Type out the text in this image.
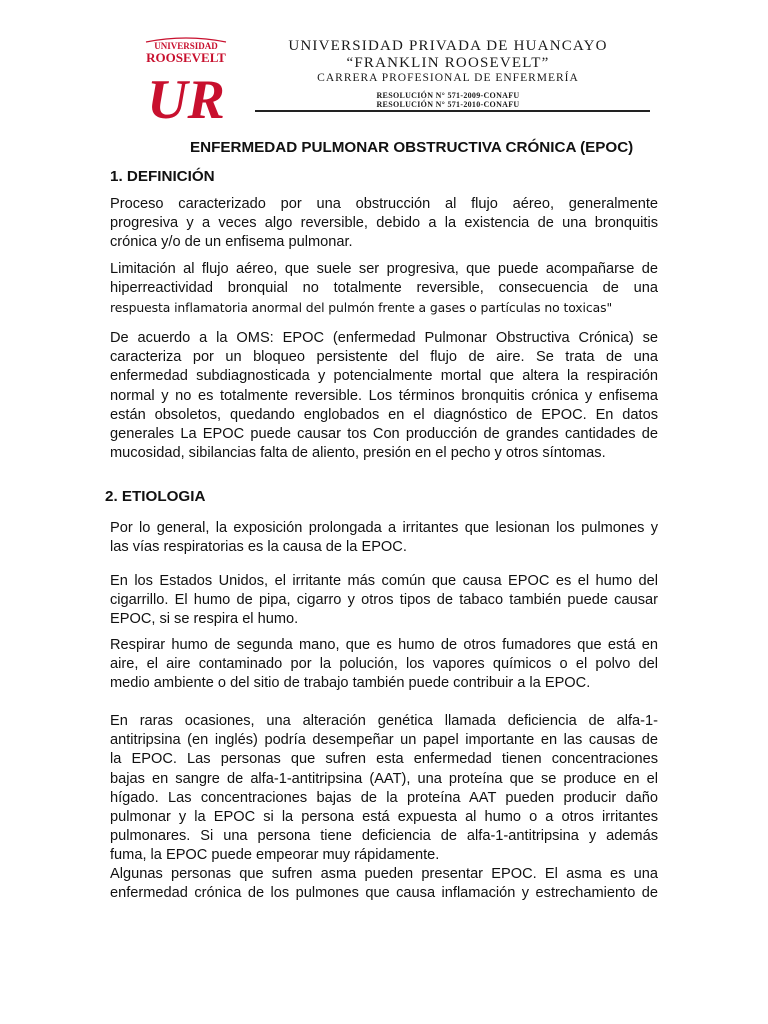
UNIVERSIDAD
ROOSEVELT
UR
UNIVERSIDAD PRIVADA DE HUANCAYO
“FRANKLIN ROOSEVELT”
CARRERA PROFESIONAL DE ENFERMERÍA
RESOLUCIÓN N° 571-2009-CONAFU
RESOLUCIÓN N° 571-2010-CONAFU
ENFERMEDAD PULMONAR OBSTRUCTIVA CRÓNICA (EPOC)
1. DEFINICIÓN
Proceso caracterizado por una obstrucción al flujo aéreo, generalmente
progresiva y a veces algo reversible, debido a la existencia de una bronquitis
crónica y/o de un enfisema pulmonar.
Limitación al flujo aéreo, que suele ser progresiva, que puede acompañarse de
hiperreactividad bronquial no totalmente reversible, consecuencia de una
respuesta inflamatoria anormal del pulmón frente a gases o partículas no toxicas"
De acuerdo a la OMS: EPOC (enfermedad Pulmonar Obstructiva Crónica) se
caracteriza por un bloqueo persistente del flujo de aire. Se trata de una
enfermedad subdiagnosticada y potencialmente mortal que altera la respiración
normal y no es totalmente reversible. Los términos bronquitis crónica y enfisema
están obsoletos, quedando englobados en el diagnóstico de EPOC. En datos
generales La EPOC puede causar tos Con producción de grandes cantidades de
mucosidad, sibilancias falta de aliento, presión en el pecho y otros síntomas.
2. ETIOLOGIA
Por lo general, la exposición prolongada a irritantes que lesionan los pulmones y
las vías respiratorias es la causa de la EPOC.
En los Estados Unidos, el irritante más común que causa EPOC es el humo del
cigarrillo. El humo de pipa, cigarro y otros tipos de tabaco también puede causar
EPOC, si se respira el humo.
Respirar humo de segunda mano, que es humo de otros fumadores que está en
aire, el aire contaminado por la polución, los vapores químicos o el polvo del
medio ambiente o del sitio de trabajo también puede contribuir a la EPOC.
En raras ocasiones, una alteración genética llamada deficiencia de alfa-1-
antitripsina (en inglés) podría desempeñar un papel importante en las causas de
la EPOC. Las personas que sufren esta enfermedad tienen concentraciones
bajas en sangre de alfa-1-antitripsina (AAT), una proteína que se produce en el
hígado. Las concentraciones bajas de la proteína AAT pueden producir daño
pulmonar y la EPOC si la persona está expuesta al humo o a otros irritantes
pulmonares. Si una persona tiene deficiencia de alfa-1-antitripsina y además
fuma, la EPOC puede empeorar muy rápidamente.
Algunas personas que sufren asma pueden presentar EPOC. El asma es una
enfermedad crónica de los pulmones que causa inflamación y estrechamiento de
